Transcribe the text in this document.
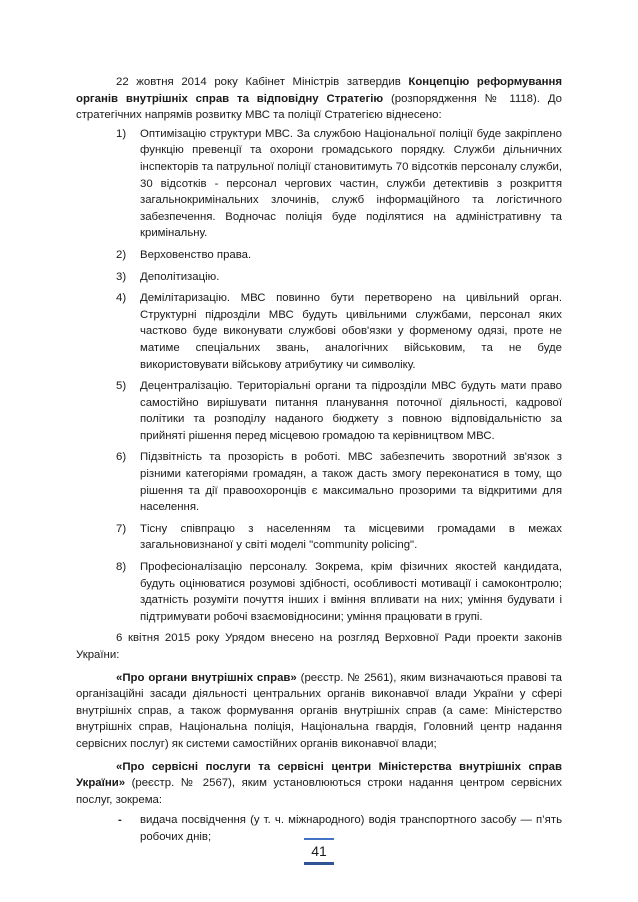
22 жовтня 2014 року Кабінет Міністрів затвердив Концепцію реформування органів внутрішніх справ та відповідну Стратегію (розпорядження № 1118). До стратегічних напрямів розвитку МВС та поліції Стратегією віднесено:

1) Оптимізацію структури МВС. За службою Національної поліції буде закріплено функцію превенції та охорони громадського порядку. Служби дільничних інспекторів та патрульної поліції становитимуть 70 відсотків персоналу служби, 30 відсотків - персонал чергових частин, служби детективів з розкриття загальнокримінальних злочинів, служб інформаційного та логістичного забезпечення. Водночас поліція буде поділятися на адміністративну та кримінальну.

2) Верховенство права.

3) Деполітизацію.

4) Демілітаризацію. МВС повинно бути перетворено на цивільний орган. Структурні підрозділи МВС будуть цивільними службами, персонал яких частково буде виконувати службові обов'язки у форменому одязі, проте не матиме спеціальних звань, аналогічних військовим, та не буде використовувати військову атрибутику чи символіку.

5) Децентралізацію. Територіальні органи та підрозділи МВС будуть мати право самостійно вирішувати питання планування поточної діяльності, кадрової політики та розподілу наданого бюджету з повною відповідальністю за прийняті рішення перед місцевою громадою та керівництвом МВС.

6) Підзвітність та прозорість в роботі. МВС забезпечить зворотний зв'язок з різними категоріями громадян, а також дасть змогу переконатися в тому, що рішення та дії правоохоронців є максимально прозорими та відкритими для населення.

7) Тісну співпрацю з населенням та місцевими громадами в межах загальновизнаної у світі моделі "community policing".

8) Професіоналізацію персоналу. Зокрема, крім фізичних якостей кандидата, будуть оцінюватися розумові здібності, особливості мотивації і самоконтролю; здатність розуміти почуття інших і вміння впливати на них; уміння будувати і підтримувати робочі взаємовідносини; уміння працювати в групі.

6 квітня 2015 року Урядом внесено на розгляд Верховної Ради проекти законів України:

«Про органи внутрішніх справ» (реєстр. № 2561), яким визначаються правові та організаційні засади діяльності центральних органів виконавчої влади України у сфері внутрішніх справ, а також формування органів внутрішніх справ (а саме: Міністерство внутрішніх справ, Національна поліція, Національна гвардія, Головний центр надання сервісних послуг) як системи самостійних органів виконавчої влади;

«Про сервісні послуги та сервісні центри Міністерства внутрішніх справ України» (реєстр. № 2567), яким установлюються строки надання центром сервісних послуг, зокрема:

- видача посвідчення (у т. ч. міжнародного) водія транспортного засобу — п’ять робочих днів;

41
